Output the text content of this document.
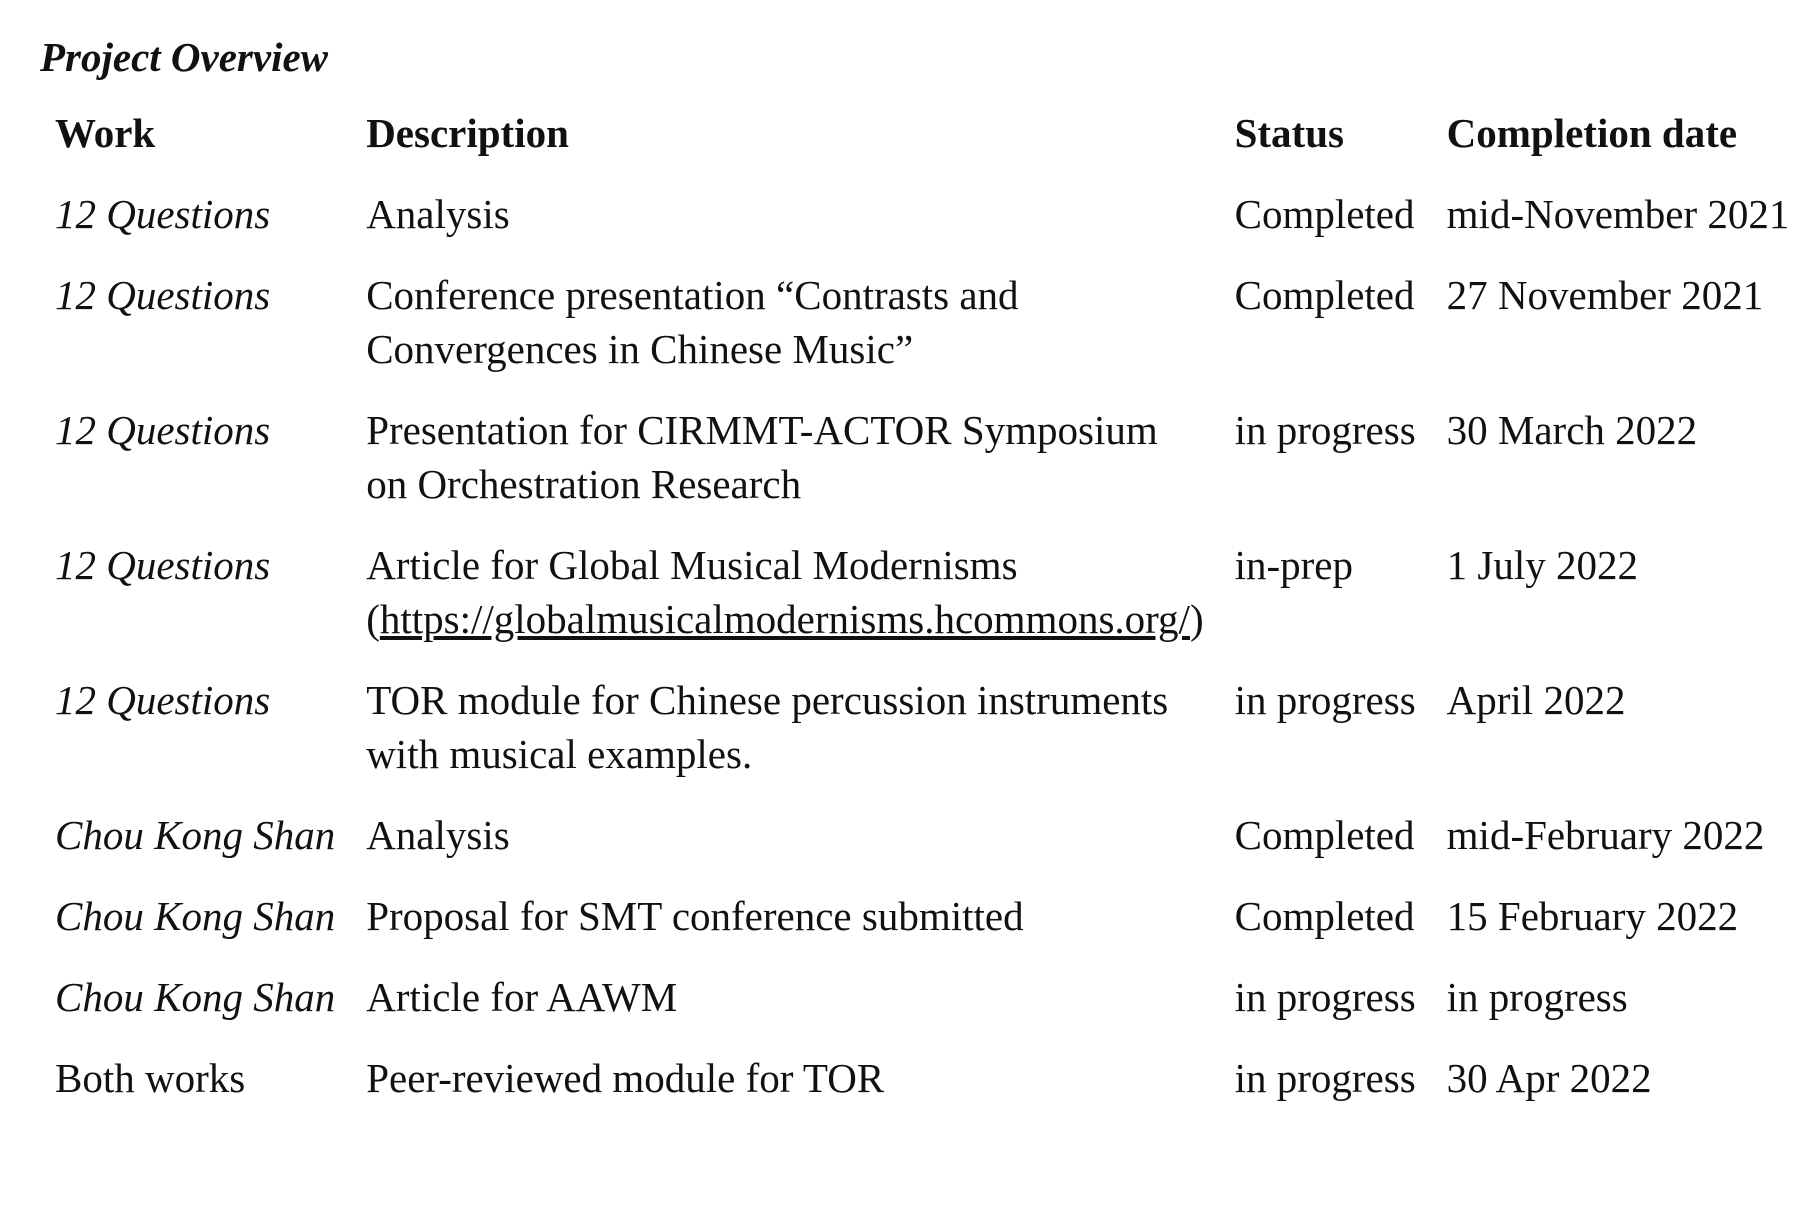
Project Overview
Work	Description	Status	Completion date
12 Questions	Analysis	Completed	mid-November 2021
12 Questions	Conference presentation “Contrasts and Convergences in Chinese Music”	Completed	27 November 2021
12 Questions	Presentation for CIRMMT-ACTOR Symposium on Orchestration Research	in progress	30 March 2022
12 Questions	Article for Global Musical Modernisms (https://globalmusicalmodernisms.hcommons.org/)	in-prep	1 July 2022
12 Questions	TOR module for Chinese percussion instruments with musical examples.	in progress	April 2022
Chou Kong Shan	Analysis	Completed	mid-February 2022
Chou Kong Shan	Proposal for SMT conference submitted	Completed	15 February 2022
Chou Kong Shan	Article for AAWM	in progress	in progress
Both works	Peer-reviewed module for TOR	in progress	30 Apr 2022
